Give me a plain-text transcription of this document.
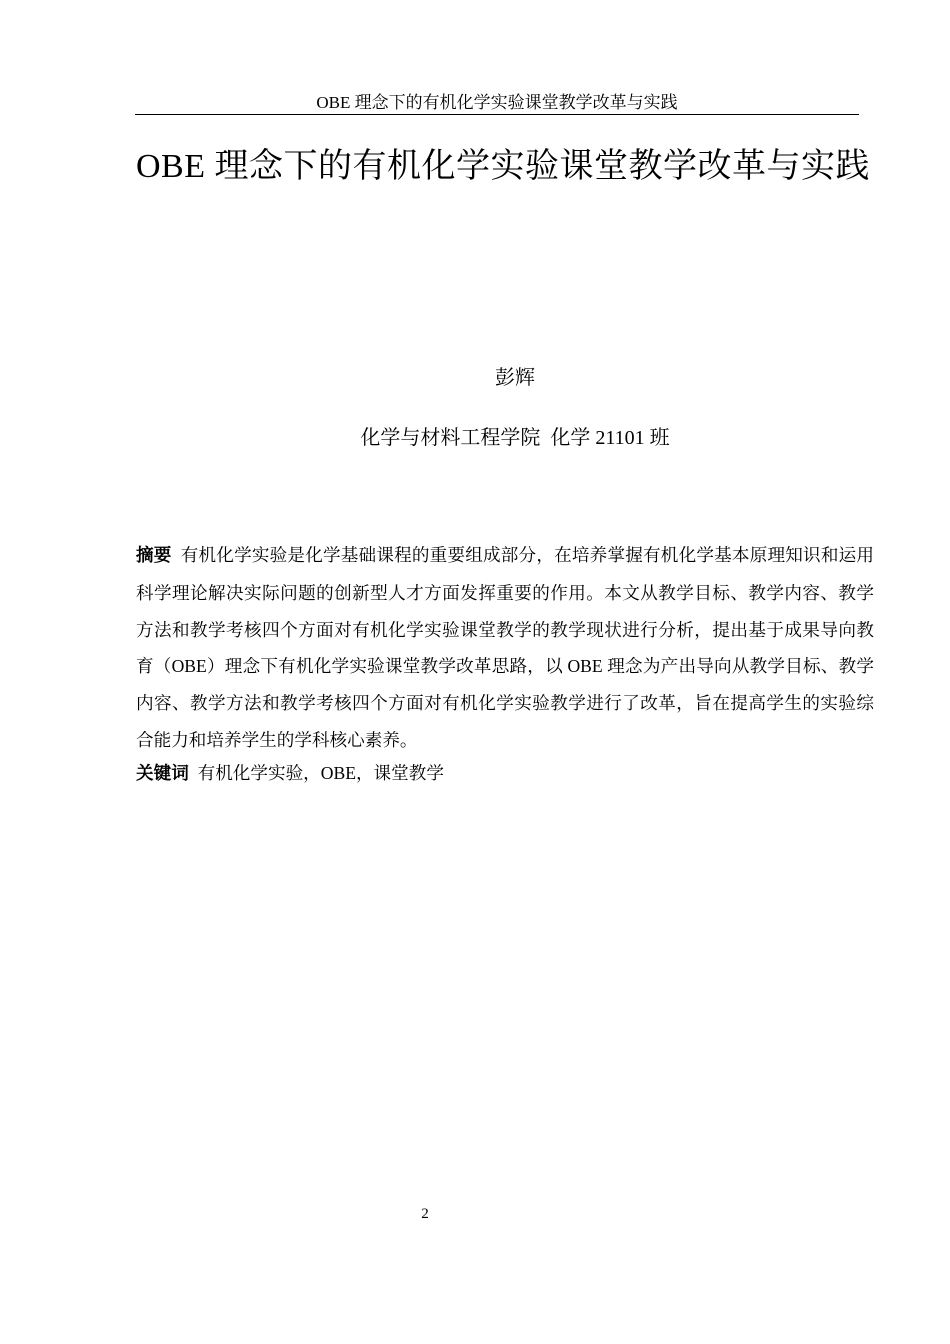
OBE 理念下的有机化学实验课堂教学改革与实践
OBE 理念下的有机化学实验课堂教学改革与实践
彭辉
化学与材料工程学院  化学 21101 班

摘要 有机化学实验是化学基础课程的重要组成部分，在培养掌握有机化学基本原理知识和运用科学理论解决实际问题的创新型人才方面发挥重要的作用。本文从教学目标、教学内容、教学方法和教学考核四个方面对有机化学实验课堂教学的教学现状进行分析，提出基于成果导向教育（OBE）理念下有机化学实验课堂教学改革思路，以 OBE 理念为产出导向从教学目标、教学内容、教学方法和教学考核四个方面对有机化学实验教学进行了改革，旨在提高学生的实验综合能力和培养学生的学科核心素养。

关键词 有机化学实验，OBE，课堂教学

2
